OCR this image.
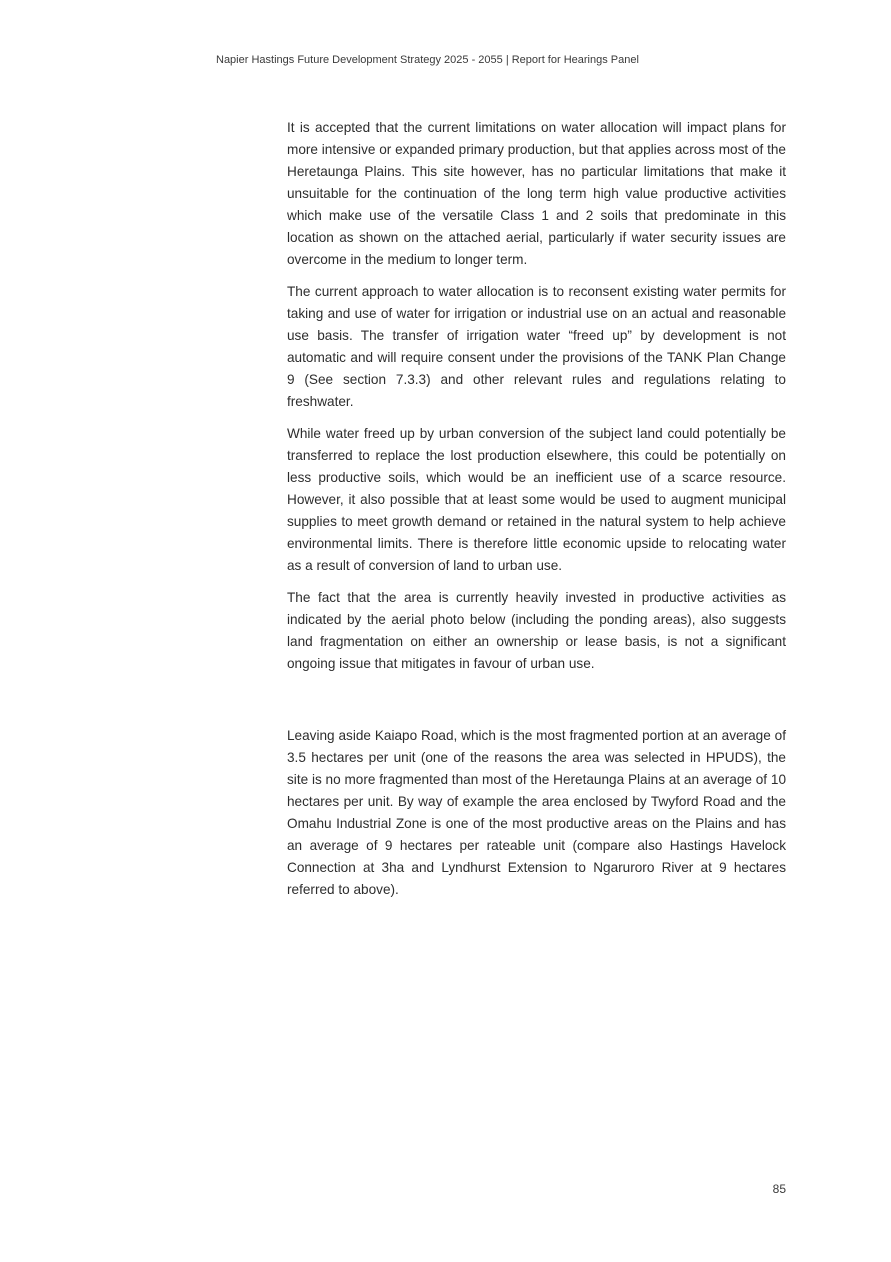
Napier Hastings Future Development Strategy 2025 - 2055 | Report for Hearings Panel

It is accepted that the current limitations on water allocation will impact plans for more intensive or expanded primary production, but that applies across most of the Heretaunga Plains. This site however, has no particular limitations that make it unsuitable for the continuation of the long term high value productive activities which make use of the versatile Class 1 and 2 soils that predominate in this location as shown on the attached aerial, particularly if water security issues are overcome in the medium to longer term.

The current approach to water allocation is to reconsent existing water permits for taking and use of water for irrigation or industrial use on an actual and reasonable use basis. The transfer of irrigation water “freed up” by development is not automatic and will require consent under the provisions of the TANK Plan Change 9 (See section 7.3.3) and other relevant rules and regulations relating to freshwater.

While water freed up by urban conversion of the subject land could potentially be transferred to replace the lost production elsewhere, this could be potentially on less productive soils, which would be an inefficient use of a scarce resource. However, it also possible that at least some would be used to augment municipal supplies to meet growth demand or retained in the natural system to help achieve environmental limits. There is therefore little economic upside to relocating water as a result of conversion of land to urban use.

The fact that the area is currently heavily invested in productive activities as indicated by the aerial photo below (including the ponding areas), also suggests land fragmentation on either an ownership or lease basis, is not a significant ongoing issue that mitigates in favour of urban use.

Leaving aside Kaiapo Road, which is the most fragmented portion at an average of 3.5 hectares per unit (one of the reasons the area was selected in HPUDS), the site is no more fragmented than most of the Heretaunga Plains at an average of 10 hectares per unit. By way of example the area enclosed by Twyford Road and the Omahu Industrial Zone is one of the most productive areas on the Plains and has an average of 9 hectares per rateable unit (compare also Hastings Havelock Connection at 3ha and Lyndhurst Extension to Ngaruroro River at 9 hectares referred to above).

85
